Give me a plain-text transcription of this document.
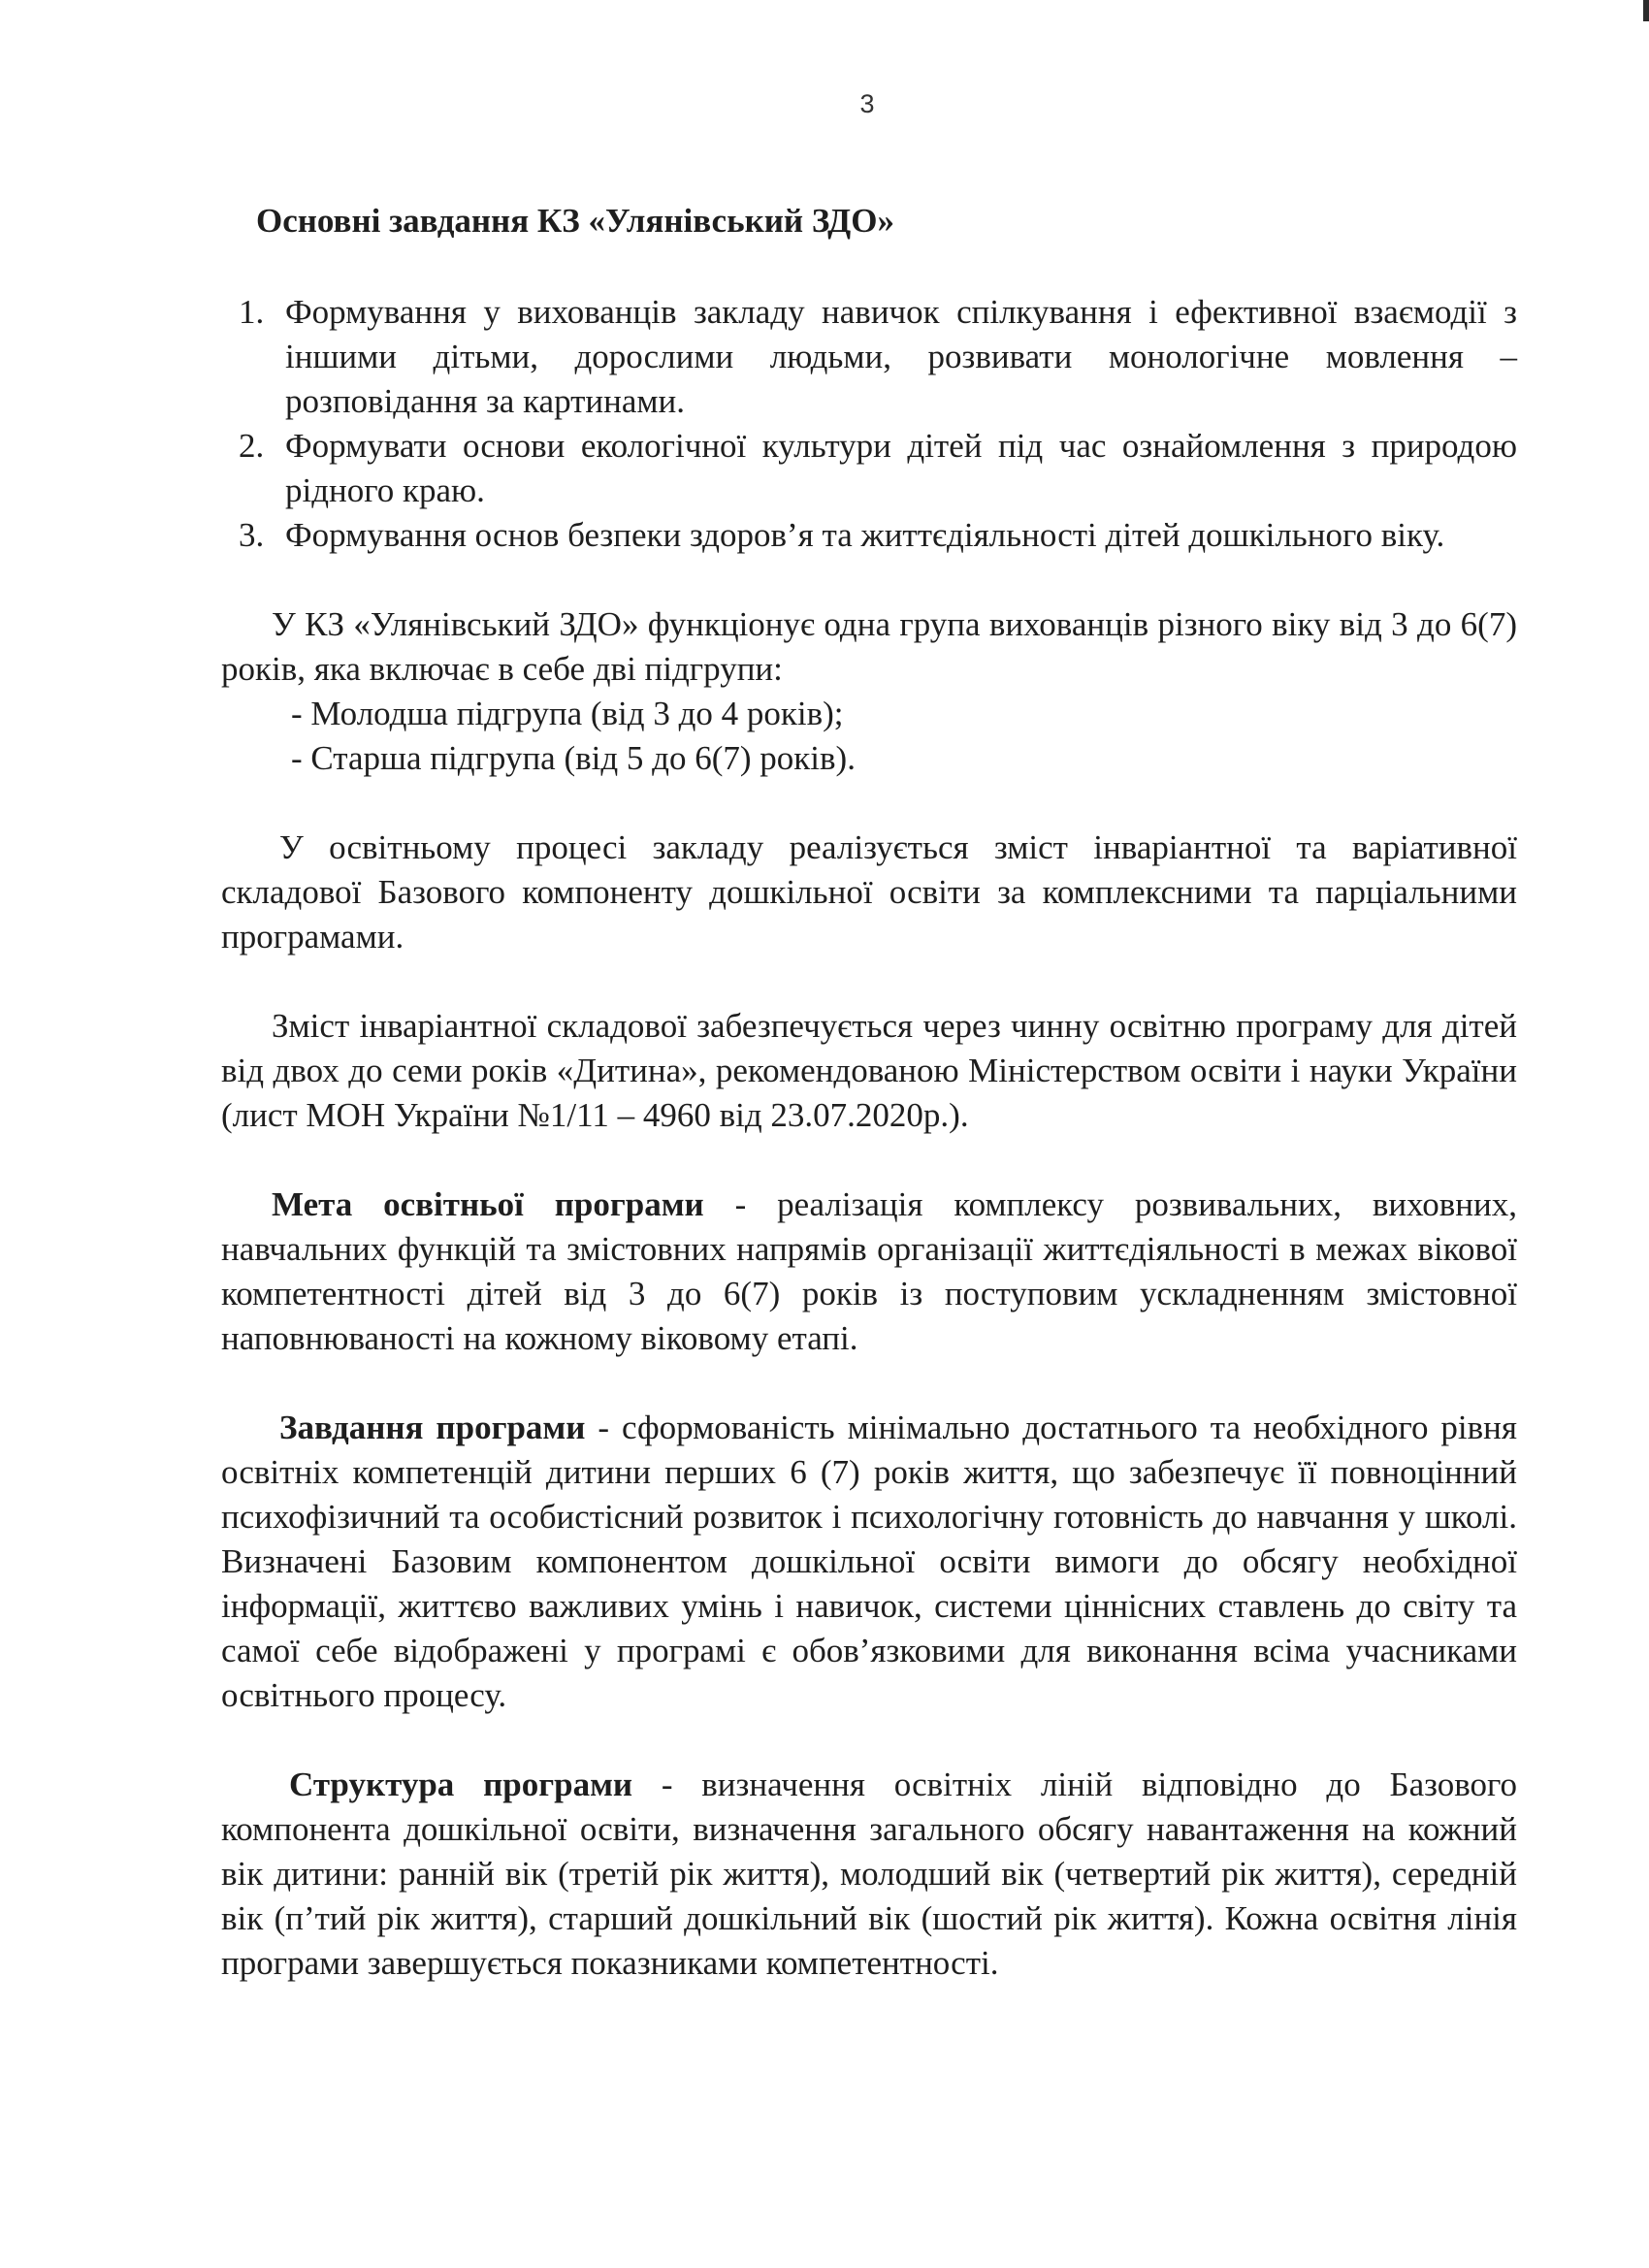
3
Основні завдання КЗ «Улянівський ЗДО»
1. Формування у вихованців закладу навичок спілкування і ефективної взаємодії з іншими дітьми, дорослими людьми, розвивати монологічне мовлення – розповідання за картинами.
2. Формувати основи екологічної культури дітей під час ознайомлення з природою рідного краю.
3. Формування основ безпеки здоров’я та життєдіяльності дітей дошкільного віку.

У КЗ «Улянівський ЗДО» функціонує одна група вихованців різного віку від 3 до 6(7) років, яка включає в себе дві підгрупи:

- Молодша підгрупа (від 3 до 4 років);

- Старша підгрупа (від 5 до 6(7) років).

У освітньому процесі закладу реалізується зміст інваріантної та варіативної складової Базового компоненту дошкільної освіти за комплексними та парціальними програмами.

Зміст інваріантної складової забезпечується через чинну освітню програму для дітей від двох до семи років «Дитина», рекомендованою Міністерством освіти і науки України (лист МОН України №1/11 – 4960 від 23.07.2020р.).

Мета освітньої програми - реалізація комплексу розвивальних, виховних, навчальних функцій та змістовних напрямів організації життєдіяльності в межах вікової компетентності дітей від 3 до 6(7) років із поступовим ускладненням змістовної наповнюваності на кожному віковому етапі.

Завдання програми - сформованість мінімально достатнього та необхідного рівня освітніх компетенцій дитини перших 6 (7) років життя, що забезпечує її повноцінний психофізичний та особистісний розвиток і психологічну готовність до навчання у школі. Визначені Базовим компонентом дошкільної освіти вимоги до обсягу необхідної інформації, життєво важливих умінь і навичок, системи ціннісних ставлень до світу та самої себе відображені у програмі є обов’язковими для виконання всіма учасниками освітнього процесу.

Структура програми - визначення освітніх ліній відповідно до Базового компонента дошкільної освіти, визначення загального обсягу навантаження на кожний вік дитини: ранній вік (третій рік життя), молодший вік (четвертий рік життя), середній вік (п’тий рік життя), старший дошкільний вік (шостий рік життя). Кожна освітня лінія програми завершується показниками компетентності.
